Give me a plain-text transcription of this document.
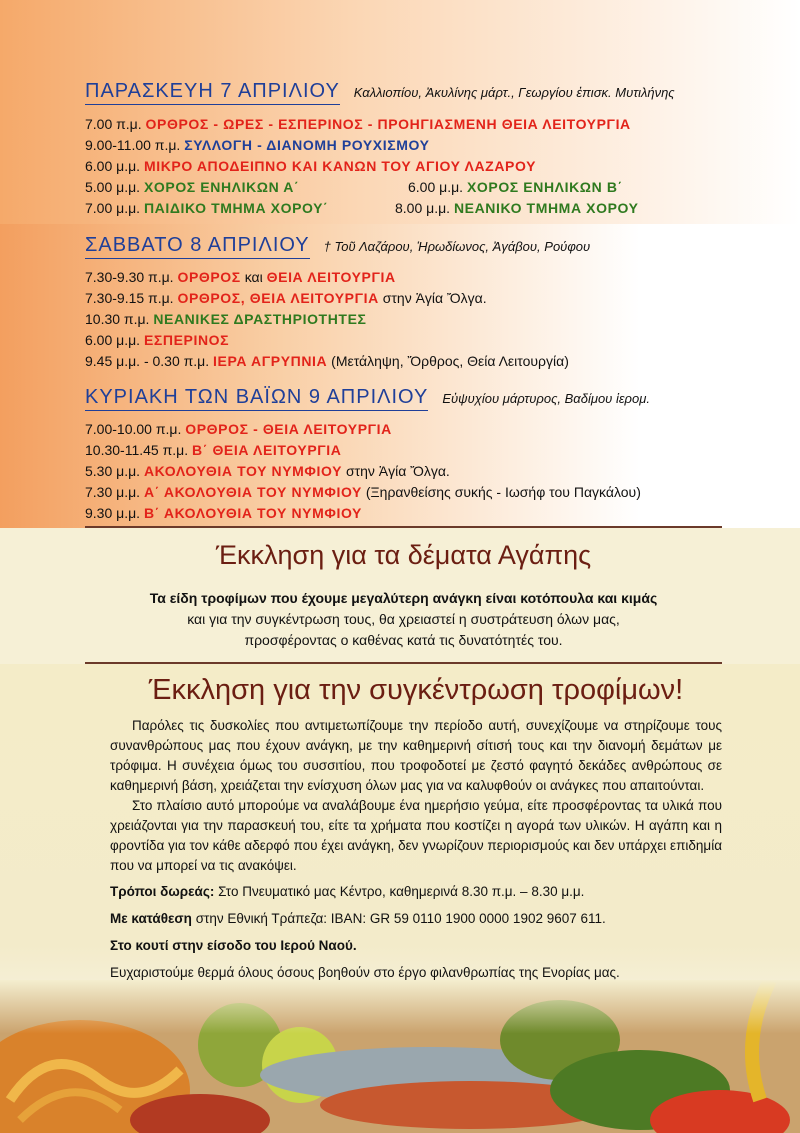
ΠΑΡΑΣΚΕΥΗ 7 ΑΠΡΙΛΙΟΥ Καλλιοπίου, Ἀκυλίνης μάρτ., Γεωργίου ἐπισκ. Μυτιλήνης
7.00 π.μ. ΟΡΘΡΟΣ - ΩΡΕΣ - ΕΣΠΕΡΙΝΟΣ - ΠΡΟΗΓΙΑΣΜΕΝΗ ΘΕΙΑ ΛΕΙΤΟΥΡΓΙΑ
9.00-11.00 π.μ. ΣΥΛΛΟΓΗ - ΔΙΑΝΟΜΗ ΡΟΥΧΙΣΜΟΥ
6.00 μ.μ. ΜΙΚΡΟ ΑΠΟΔΕΙΠΝΟ ΚΑΙ ΚΑΝΩΝ ΤΟΥ ΑΓΙΟΥ ΛΑΖΑΡΟΥ
5.00 μ.μ. ΧΟΡΟΣ ΕΝΗΛΙΚΩΝ Α΄	6.00 μ.μ. ΧΟΡΟΣ ΕΝΗΛΙΚΩΝ Β΄
7.00 μ.μ. ΠΑΙΔΙΚΟ ΤΜΗΜΑ ΧΟΡΟΥ΄	8.00 μ.μ. ΝΕΑΝΙΚΟ ΤΜΗΜΑ ΧΟΡΟΥ
ΣΑΒΒΑΤΟ 8 ΑΠΡΙΛΙΟΥ † Τοῦ Λαζάρου, Ἡρωδίωνος, Ἀγάβου, Ρούφου
7.30-9.30 π.μ. ΟΡΘΡΟΣ και ΘΕΙΑ ΛΕΙΤΟΥΡΓΙΑ
7.30-9.15 π.μ. ΟΡΘΡΟΣ, ΘΕΙΑ ΛΕΙΤΟΥΡΓΙΑ στην Ἁγία Ὄλγα.
10.30 π.μ. ΝΕΑΝΙΚΕΣ ΔΡΑΣΤΗΡΙΟΤΗΤΕΣ
6.00 μ.μ. ΕΣΠΕΡΙΝΟΣ
9.45 μ.μ. - 0.30 π.μ. ΙΕΡΑ ΑΓΡΥΠΝΙΑ (Μετάληψη, Ὄρθρος, Θεία Λειτουργία)
ΚΥΡΙΑΚΗ ΤΩΝ ΒΑΪΩΝ 9 ΑΠΡΙΛΙΟΥ Εὐψυχίου μάρτυρος, Βαδίμου ἱερομ.
7.00-10.00 π.μ. ΟΡΘΡΟΣ - ΘΕΙΑ ΛΕΙΤΟΥΡΓΙΑ
10.30-11.45 π.μ. Β΄ ΘΕΙΑ ΛΕΙΤΟΥΡΓΙΑ
5.30 μ.μ. ΑΚΟΛΟΥΘΙΑ ΤΟΥ ΝΥΜΦΙΟΥ στην Ἁγία Ὄλγα.
7.30 μ.μ. Α΄ ΑΚΟΛΟΥΘΙΑ ΤΟΥ ΝΥΜΦΙΟΥ (Ξηρανθείσης συκής - Ιωσήφ του Παγκάλου)
9.30 μ.μ. Β΄ ΑΚΟΛΟΥΘΙΑ ΤΟΥ ΝΥΜΦΙΟΥ
Έκκληση για τα δέματα Αγάπης
Τα είδη τροφίμων που έχουμε μεγαλύτερη ανάγκη είναι κοτόπουλα και κιμάς
και για την συγκέντρωση τους, θα χρειαστεί η συστράτευση όλων μας,
προσφέροντας ο καθένας κατά τις δυνατότητές του.
Έκκληση για την συγκέντρωση τροφίμων!

Παρόλες τις δυσκολίες που αντιμετωπίζουμε την περίοδο αυτή, συνεχίζουμε να στηρίζουμε τους συνανθρώπους μας που έχουν ανάγκη, με την καθημερινή σίτισή τους και την διανομή δεμάτων με τρόφιμα. Η συνέχεια όμως του συσσιτίου, που τροφοδοτεί με ζεστό φαγητό δεκάδες ανθρώπους σε καθημερινή βάση, χρειάζεται την ενίσχυση όλων μας για να καλυφθούν οι ανάγκες που απαιτούνται.

Στο πλαίσιο αυτό μπορούμε να αναλάβουμε ένα ημερήσιο γεύμα, είτε προσφέροντας τα υλικά που χρειάζονται για την παρασκευή του, είτε τα χρήματα που κοστίζει η αγορά των υλικών. Η αγάπη και η φροντίδα για τον κάθε αδερφό που έχει ανάγκη, δεν γνωρίζουν περιορισμούς και δεν υπάρχει επιδημία που να μπορεί να τις ανακόψει.

Τρόποι δωρεάς: Στο Πνευματικό μας Κέντρο, καθημερινά 8.30 π.μ. – 8.30 μ.μ.

Με κατάθεση στην Εθνική Τράπεζα: IBAN: GR 59 0110 1900 0000 1902 9607 611.

Στο κουτί στην είσοδο του Ιερού Ναού.

Ευχαριστούμε θερμά όλους όσους βοηθούν στο έργο φιλανθρωπίας της Ενορίας μας.
